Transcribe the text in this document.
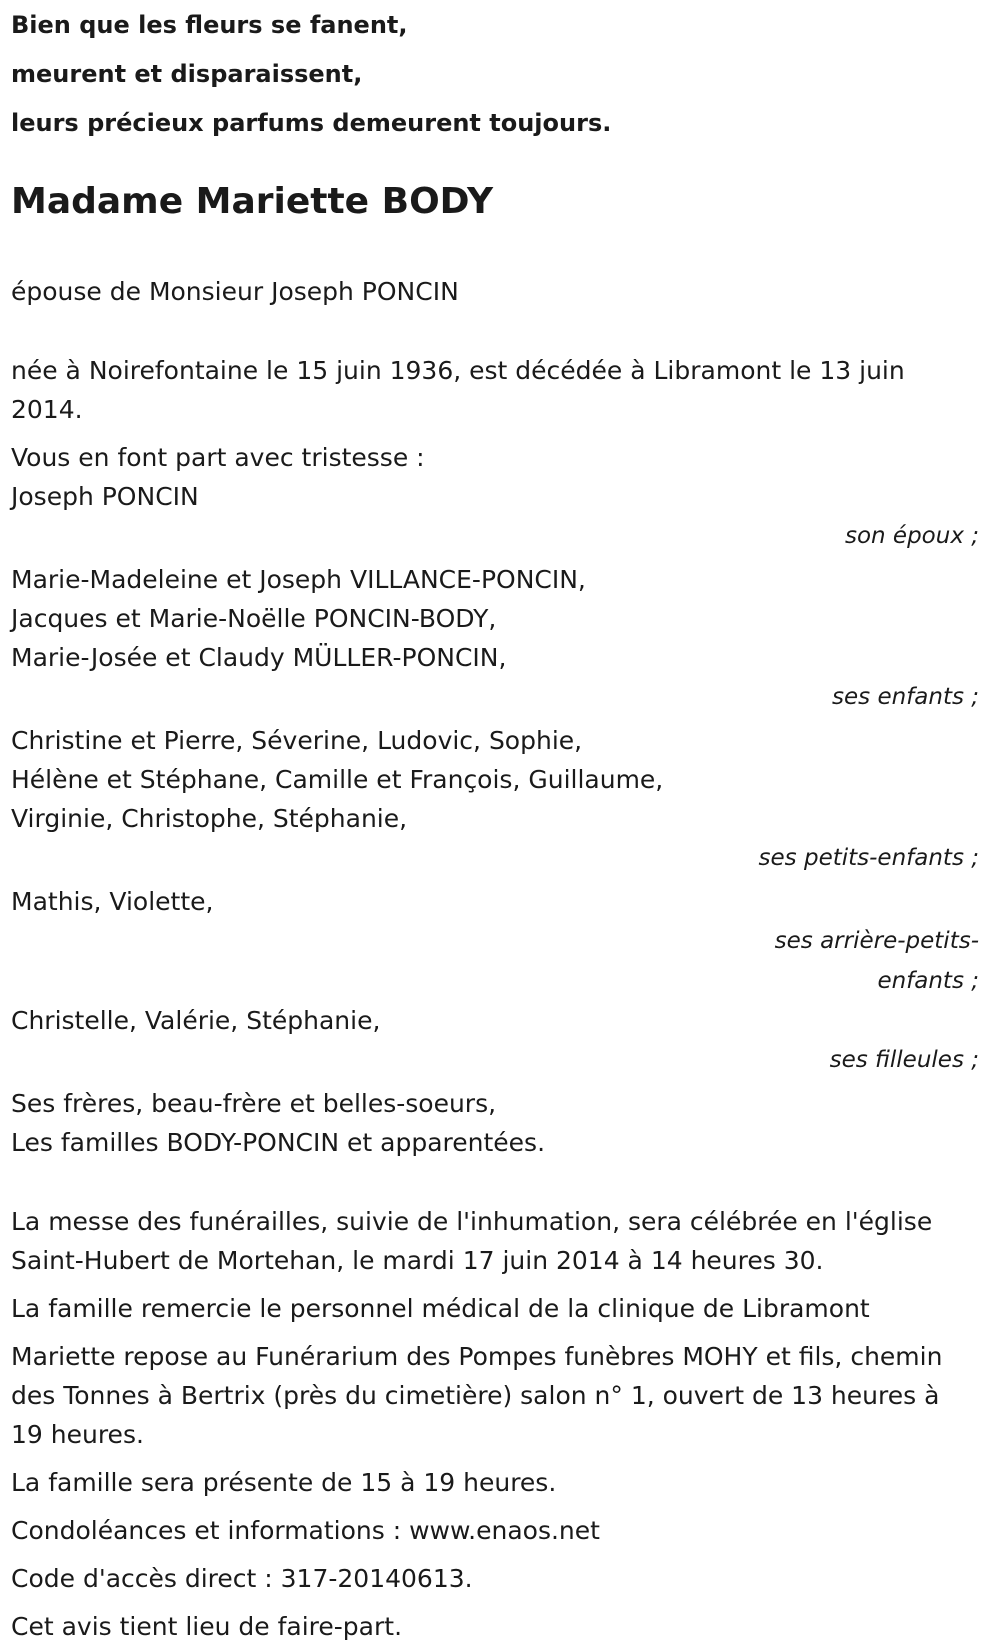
Bien que les fleurs se fanent,
meurent et disparaissent,
leurs précieux parfums demeurent toujours.
Madame Mariette BODY
épouse de Monsieur Joseph PONCIN
née à Noirefontaine le 15 juin 1936, est décédée à Libramont le 13 juin 2014.
Vous en font part avec tristesse :
Joseph PONCIN
son époux ;
Marie-Madeleine et Joseph VILLANCE-PONCIN,
Jacques et Marie-Noëlle PONCIN-BODY,
Marie-Josée et Claudy MÜLLER-PONCIN,
ses enfants ;
Christine et Pierre, Séverine, Ludovic, Sophie,
Hélène et Stéphane, Camille et François, Guillaume,
Virginie, Christophe, Stéphanie,
ses petits-enfants ;
Mathis, Violette,
ses arrière-petits-enfants ;
Christelle, Valérie, Stéphanie,
ses filleules ;
Ses frères, beau-frère et belles-soeurs,
Les familles BODY-PONCIN et apparentées.
La messe des funérailles, suivie de l'inhumation, sera célébrée en l'église Saint-Hubert de Mortehan, le mardi 17 juin 2014 à 14 heures 30.
La famille remercie le personnel médical de la clinique de Libramont
Mariette repose au Funérarium des Pompes funèbres MOHY et fils, chemin des Tonnes à Bertrix (près du cimetière) salon n° 1, ouvert de 13 heures à 19 heures.
La famille sera présente de 15 à 19 heures.
Condoléances et informations : www.enaos.net
Code d'accès direct : 317-20140613.
Cet avis tient lieu de faire-part.
